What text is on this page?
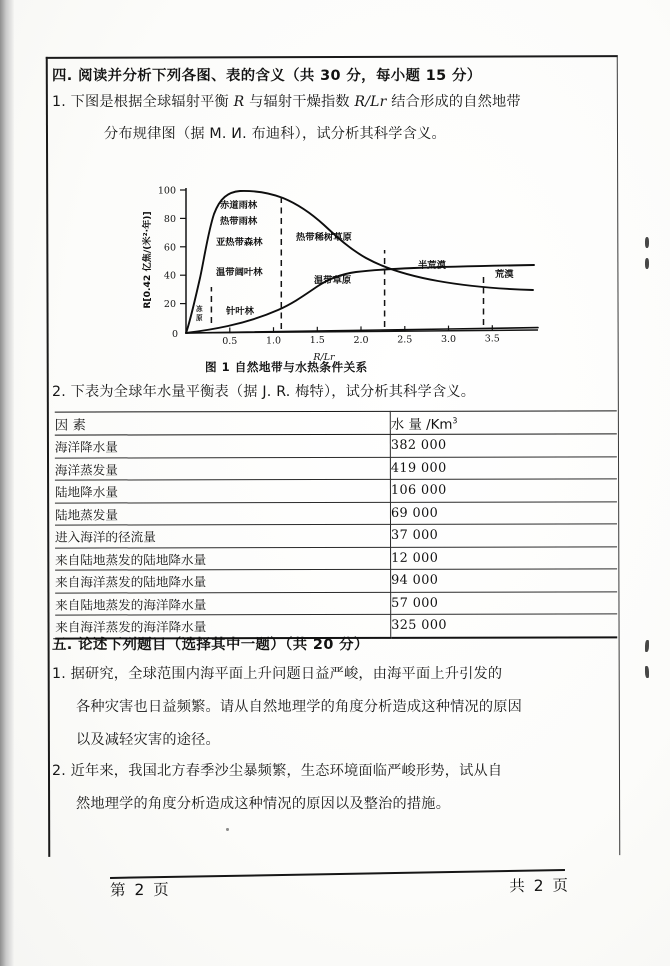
四. 阅读并分析下列各图、表的含义（共 30 分，每小题 15 分）
1. 下图是根据全球辐射平衡 R 与辐射干燥指数 R/Lr 结合形成的自然地带
分布规律图（据 М. И. 布迪科），试分析其科学含义。
100
80
60
40
20
0
0.5	1.0	1.5	2.0	2.5	3.0	3.5
R/Lr
R[0.42 亿焦/(米²·年)]
赤道雨林
热带雨林
亚热带森林
温带阔叶林
针叶林
冻
原
热带稀树草原
温带草原
半荒漠
荒漠
图 1 自然地带与水热条件关系
2. 下表为全球年水量平衡表（据 J. R. 梅特），试分析其科学含义。
因 素	水 量 /Km$^3$
海洋降水量	382 000
海洋蒸发量	419 000
陆地降水量	106 000
陆地蒸发量	69 000
进入海洋的径流量	37 000
来自陆地蒸发的陆地降水量	12 000
来自海洋蒸发的陆地降水量	94 000
来自陆地蒸发的海洋降水量	57 000
来自海洋蒸发的海洋降水量	325 000
五. 论述下列题目（选择其中一题）（共 20 分）
1. 据研究，全球范围内海平面上升问题日益严峻，由海平面上升引发的
各种灾害也日益频繁。请从自然地理学的角度分析造成这种情况的原因
以及减轻灾害的途径。
2. 近年来，我国北方春季沙尘暴频繁，生态环境面临严峻形势，试从自
然地理学的角度分析造成这种情况的原因以及整治的措施。
第 2 页	共 2 页
